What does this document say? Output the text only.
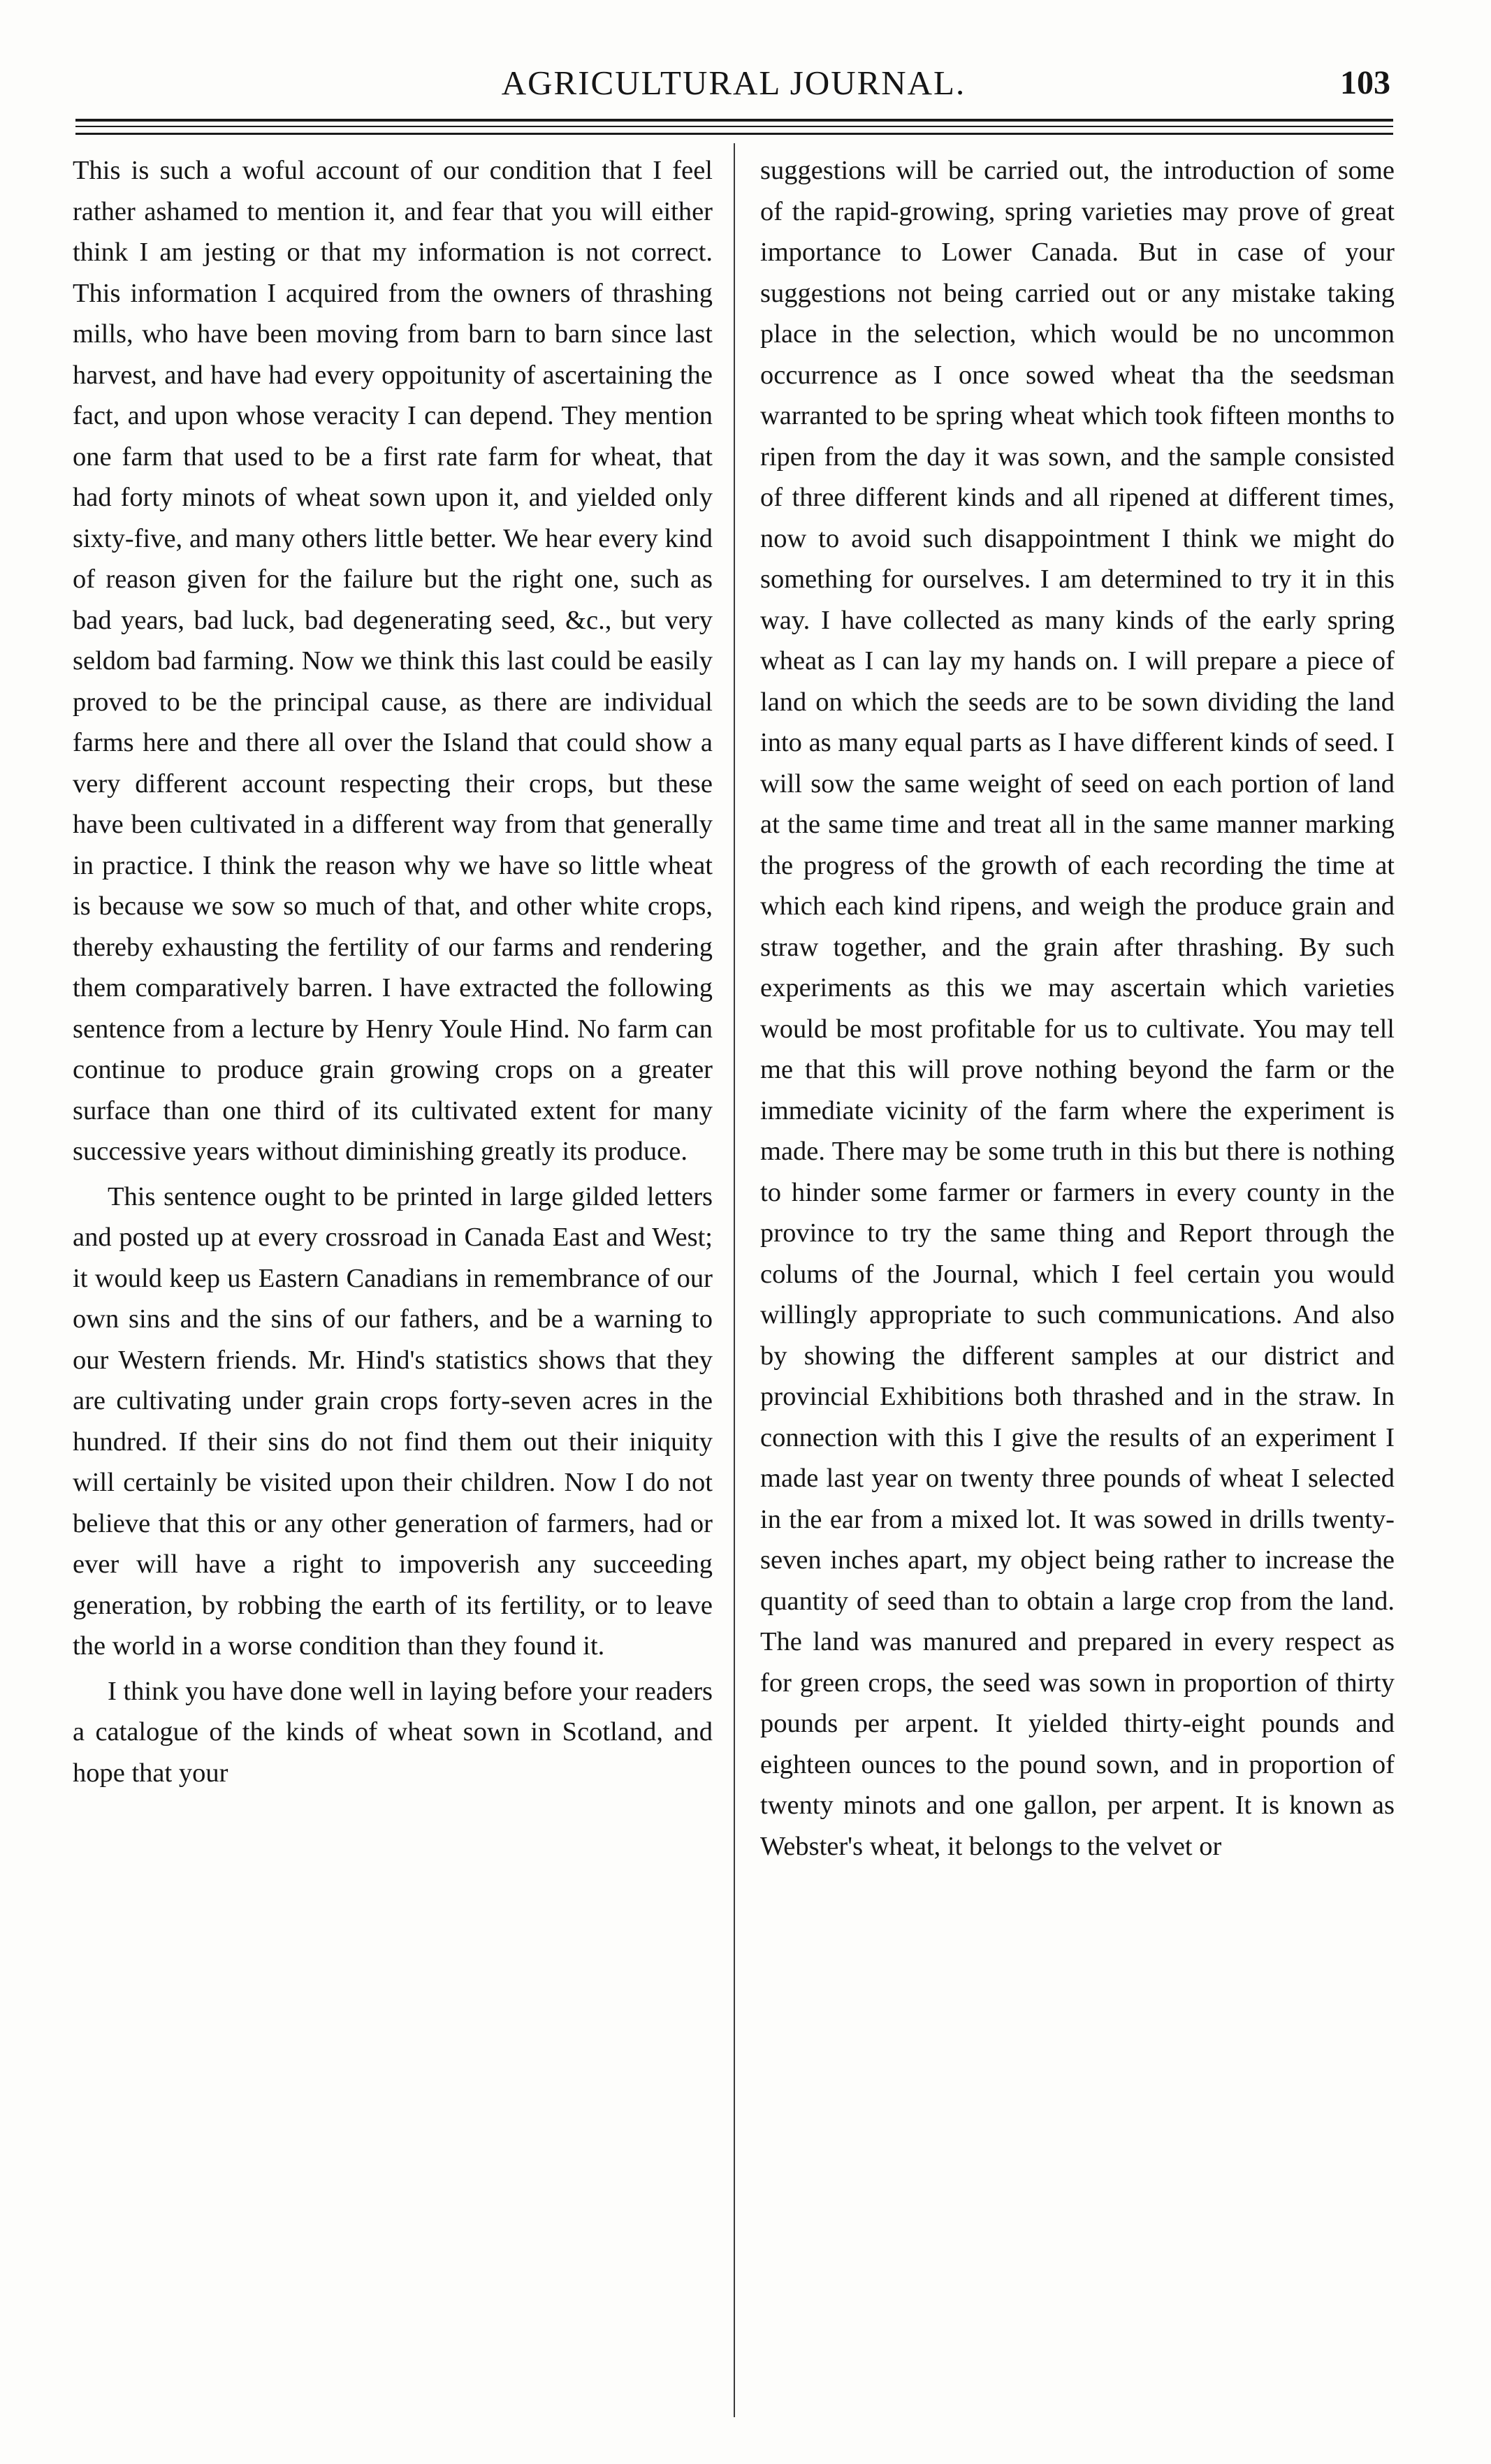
AGRICULTURAL JOURNAL.	103

This is such a woful account of our condition that I feel rather ashamed to mention it, and fear that you will either think I am jesting or that my information is not correct. This information I acquired from the owners of thrashing mills, who have been moving from barn to barn since last harvest, and have had every oppoitunity of ascertaining the fact, and upon whose veracity I can depend. They mention one farm that used to be a first rate farm for wheat, that had forty minots of wheat sown upon it, and yielded only sixty-five, and many others little better. We hear every kind of reason given for the failure but the right one, such as bad years, bad luck, bad degenerating seed, &c., but very seldom bad farming. Now we think this last could be easily proved to be the principal cause, as there are individual farms here and there all over the Island that could show a very different account respecting their crops, but these have been cultivated in a different way from that generally in practice. I think the reason why we have so little wheat is because we sow so much of that, and other white crops, thereby exhausting the fertility of our farms and rendering them comparatively barren. I have extracted the following sentence from a lecture by Henry Youle Hind. No farm can continue to produce grain growing crops on a greater surface than one third of its cultivated extent for many successive years without diminishing greatly its produce.

This sentence ought to be printed in large gilded letters and posted up at every crossroad in Canada East and West; it would keep us Eastern Canadians in remembrance of our own sins and the sins of our fathers, and be a warning to our Western friends. Mr. Hind's statistics shows that they are cultivating under grain crops forty-seven acres in the hundred. If their sins do not find them out their iniquity will certainly be visited upon their children. Now I do not believe that this or any other generation of farmers, had or ever will have a right to impoverish any succeeding generation, by robbing the earth of its fertility, or to leave the world in a worse condition than they found it.

I think you have done well in laying before your readers a catalogue of the kinds of wheat sown in Scotland, and hope that your

suggestions will be carried out, the introduction of some of the rapid-growing, spring varieties may prove of great importance to Lower Canada. But in case of your suggestions not being carried out or any mistake taking place in the selection, which would be no uncommon occurrence as I once sowed wheat tha the seedsman warranted to be spring wheat which took fifteen months to ripen from the day it was sown, and the sample consisted of three different kinds and all ripened at different times, now to avoid such disappointment I think we might do something for ourselves. I am determined to try it in this way. I have collected as many kinds of the early spring wheat as I can lay my hands on. I will prepare a piece of land on which the seeds are to be sown dividing the land into as many equal parts as I have different kinds of seed. I will sow the same weight of seed on each portion of land at the same time and treat all in the same manner marking the progress of the growth of each recording the time at which each kind ripens, and weigh the produce grain and straw together, and the grain after thrashing. By such experiments as this we may ascertain which varieties would be most profitable for us to cultivate. You may tell me that this will prove nothing beyond the farm or the immediate vicinity of the farm where the experiment is made. There may be some truth in this but there is nothing to hinder some farmer or farmers in every county in the province to try the same thing and Report through the colums of the Journal, which I feel certain you would willingly appropriate to such communications. And also by showing the different samples at our district and provincial Exhibitions both thrashed and in the straw. In connection with this I give the results of an experiment I made last year on twenty three pounds of wheat I selected in the ear from a mixed lot. It was sowed in drills twenty-seven inches apart, my object being rather to increase the quantity of seed than to obtain a large crop from the land. The land was manured and prepared in every respect as for green crops, the seed was sown in proportion of thirty pounds per arpent. It yielded thirty-eight pounds and eighteen ounces to the pound sown, and in proportion of twenty minots and one gallon, per arpent. It is known as Webster's wheat, it belongs to the velvet or
